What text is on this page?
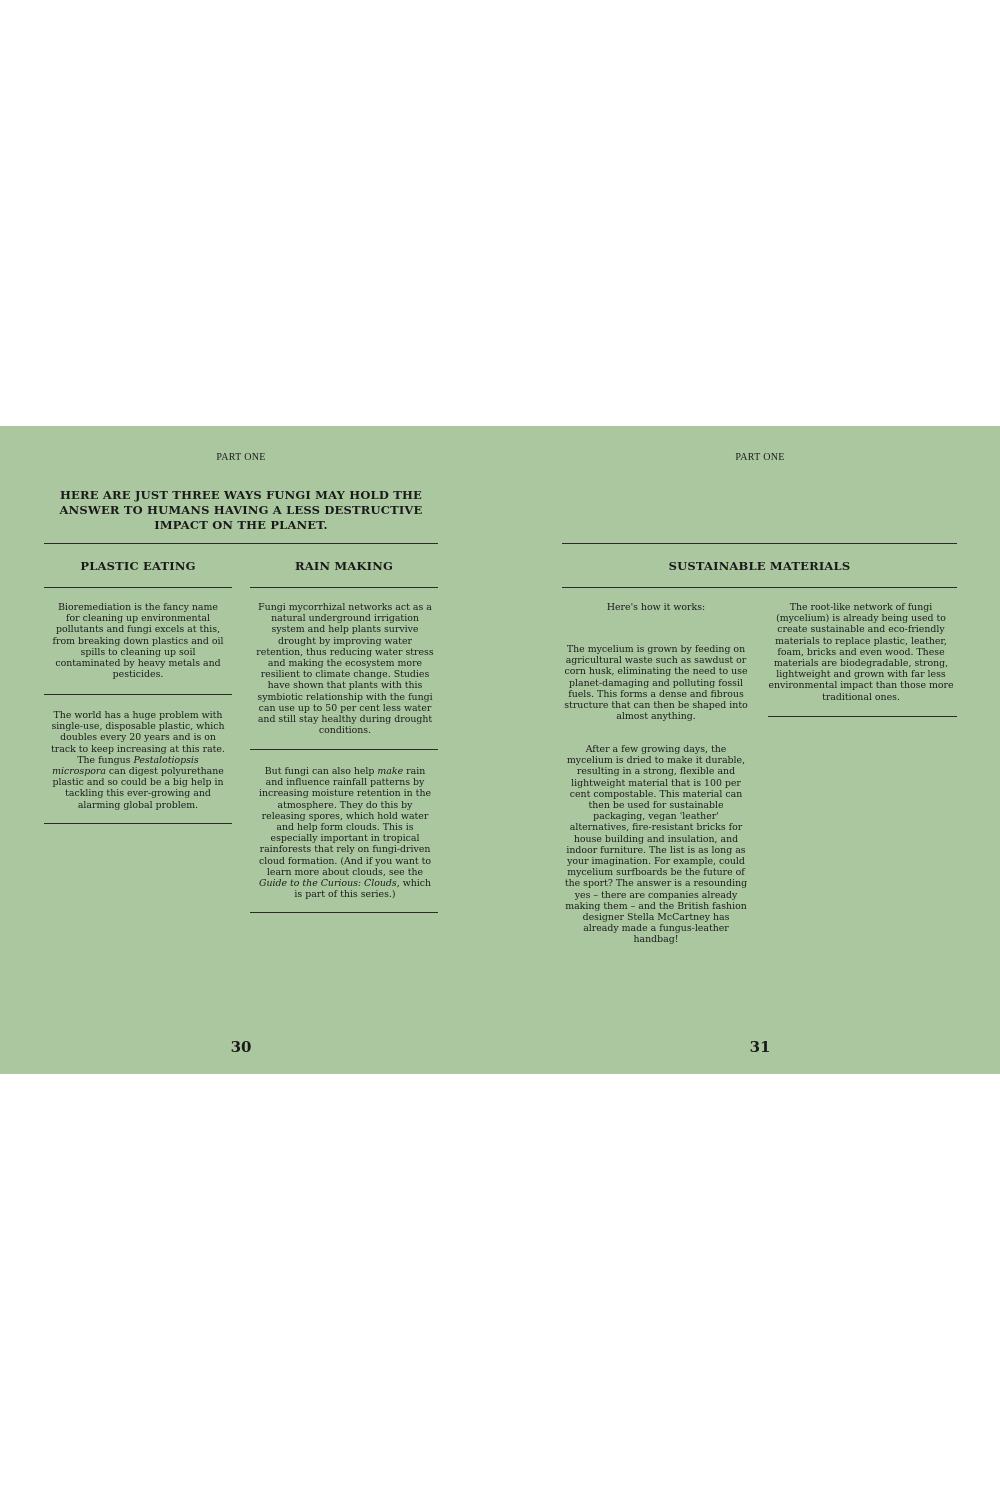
PART ONE
HERE ARE JUST THREE WAYS FUNGI MAY HOLD THE ANSWER TO HUMANS HAVING A LESS DESTRUCTIVE IMPACT ON THE PLANET.
PLASTIC EATING

Bioremediation is the fancy name for cleaning up environmental pollutants and fungi excels at this, from breaking down plastics and oil spills to cleaning up soil contaminated by heavy metals and pesticides.

The world has a huge problem with single-use, disposable plastic, which doubles every 20 years and is on track to keep increasing at this rate. The fungus Pestalotiopsis microspora can digest polyurethane plastic and so could be a big help in tackling this ever-growing and alarming global problem.

RAIN MAKING

Fungi mycorrhizal networks act as a natural underground irrigation system and help plants survive drought by improving water retention, thus reducing water stress and making the ecosystem more resilient to climate change. Studies have shown that plants with this symbiotic relationship with the fungi can use up to 50 per cent less water and still stay healthy during drought conditions.

But fungi can also help make rain and influence rainfall patterns by increasing moisture retention in the atmosphere. They do this by releasing spores, which hold water and help form clouds. This is especially important in tropical rainforests that rely on fungi-driven cloud formation. (And if you want to learn more about clouds, see the Guide to the Curious: Clouds, which is part of this series.)

30
PART ONE
SUSTAINABLE MATERIALS

Here's how it works:

The mycelium is grown by feeding on agricultural waste such as sawdust or corn husk, eliminating the need to use planet-damaging and polluting fossil fuels. This forms a dense and fibrous structure that can then be shaped into almost anything.

After a few growing days, the mycelium is dried to make it durable, resulting in a strong, flexible and lightweight material that is 100 per cent compostable. This material can then be used for sustainable packaging, vegan 'leather' alternatives, fire-resistant bricks for house building and insulation, and indoor furniture. The list is as long as your imagination. For example, could mycelium surfboards be the future of the sport? The answer is a resounding yes – there are companies already making them – and the British fashion designer Stella McCartney has already made a fungus-leather handbag!

The root-like network of fungi (mycelium) is already being used to create sustainable and eco-friendly materials to replace plastic, leather, foam, bricks and even wood. These materials are biodegradable, strong, lightweight and grown with far less environmental impact than those more traditional ones.

31
